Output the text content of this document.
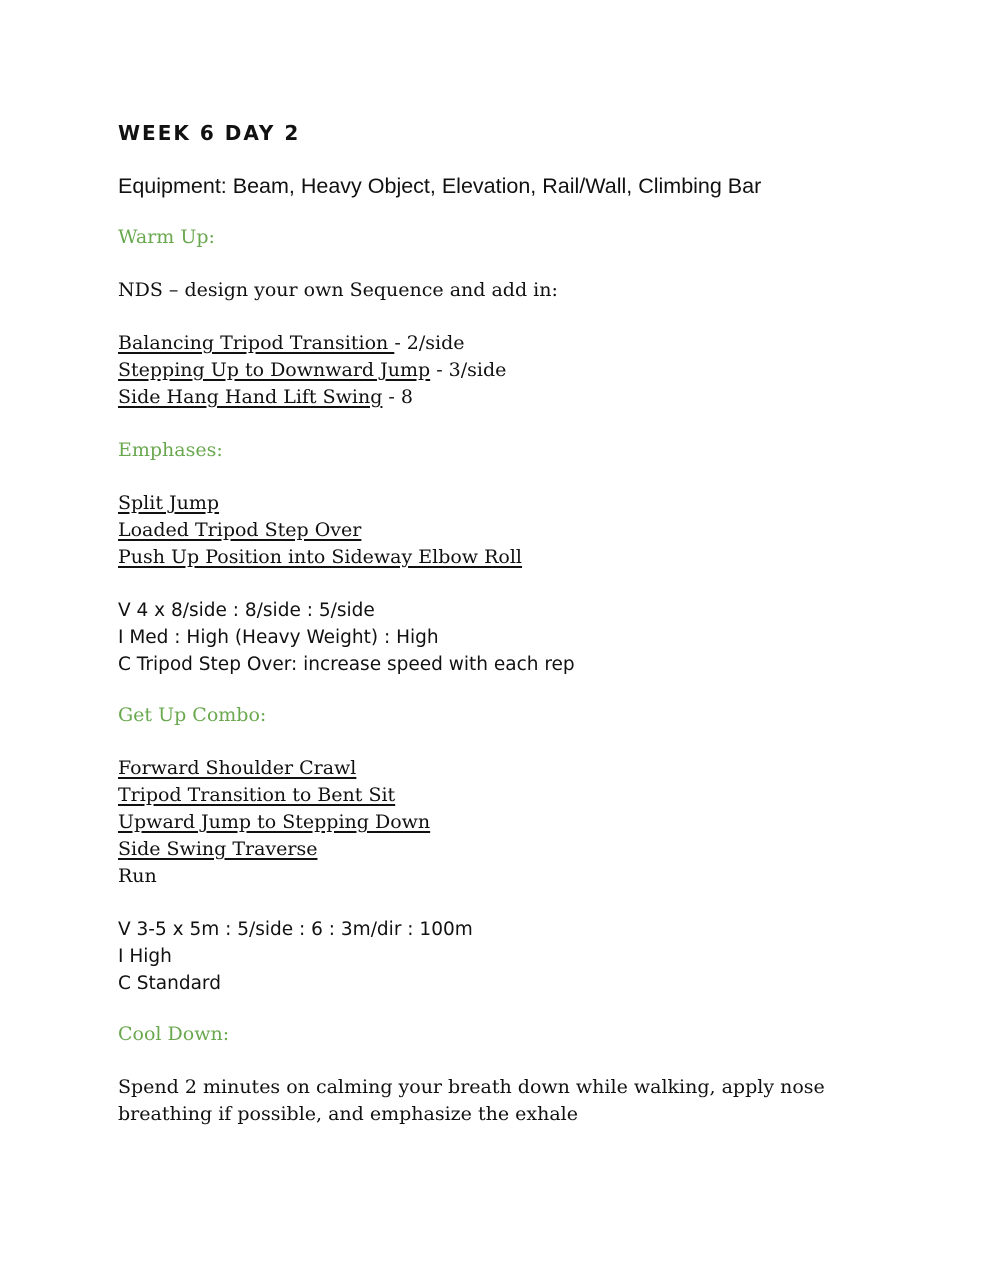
WEEK 6 DAY 2
Equipment: Beam, Heavy Object, Elevation, Rail/Wall, Climbing Bar
Warm Up:
NDS – design your own Sequence and add in:
Balancing Tripod Transition - 2/side
Stepping Up to Downward Jump - 3/side
Side Hang Hand Lift Swing - 8
Emphases:
Split Jump
Loaded Tripod Step Over
Push Up Position into Sideway Elbow Roll
V 4 x 8/side : 8/side : 5/side
I Med : High (Heavy Weight) : High
C Tripod Step Over: increase speed with each rep
Get Up Combo:
Forward Shoulder Crawl
Tripod Transition to Bent Sit
Upward Jump to Stepping Down
Side Swing Traverse
Run
V 3-5 x 5m : 5/side : 6 : 3m/dir : 100m
I High
C Standard
Cool Down:
Spend 2 minutes on calming your breath down while walking, apply nose breathing if possible, and emphasize the exhale
